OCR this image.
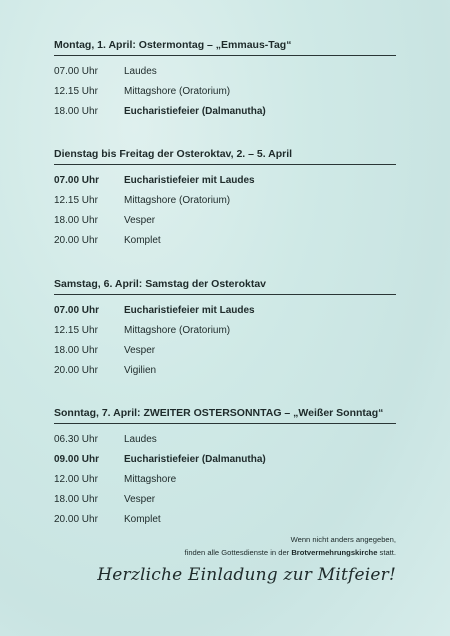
Montag, 1. April: Ostermontag – „Emmaus-Tag“
07.00 Uhr	Laudes
12.15 Uhr	Mittagshore (Oratorium)
18.00 Uhr	Eucharistiefeier (Dalmanutha)
Dienstag bis Freitag der Osteroktav, 2. – 5. April
07.00 Uhr	Eucharistiefeier mit Laudes
12.15 Uhr	Mittagshore (Oratorium)
18.00 Uhr	Vesper
20.00 Uhr	Komplet
Samstag, 6. April: Samstag der Osteroktav
07.00 Uhr	Eucharistiefeier mit Laudes
12.15 Uhr	Mittagshore (Oratorium)
18.00 Uhr	Vesper
20.00 Uhr	Vigilien
Sonntag, 7. April: ZWEITER OSTERSONNTAG – „Weißer Sonntag“
06.30 Uhr	Laudes
09.00 Uhr	Eucharistiefeier (Dalmanutha)
12.00 Uhr	Mittagshore
18.00 Uhr	Vesper
20.00 Uhr	Komplet
Wenn nicht anders angegeben,
finden alle Gottesdienste in der Brotvermehrungskirche statt.
Herzliche Einladung zur Mitfeier!
